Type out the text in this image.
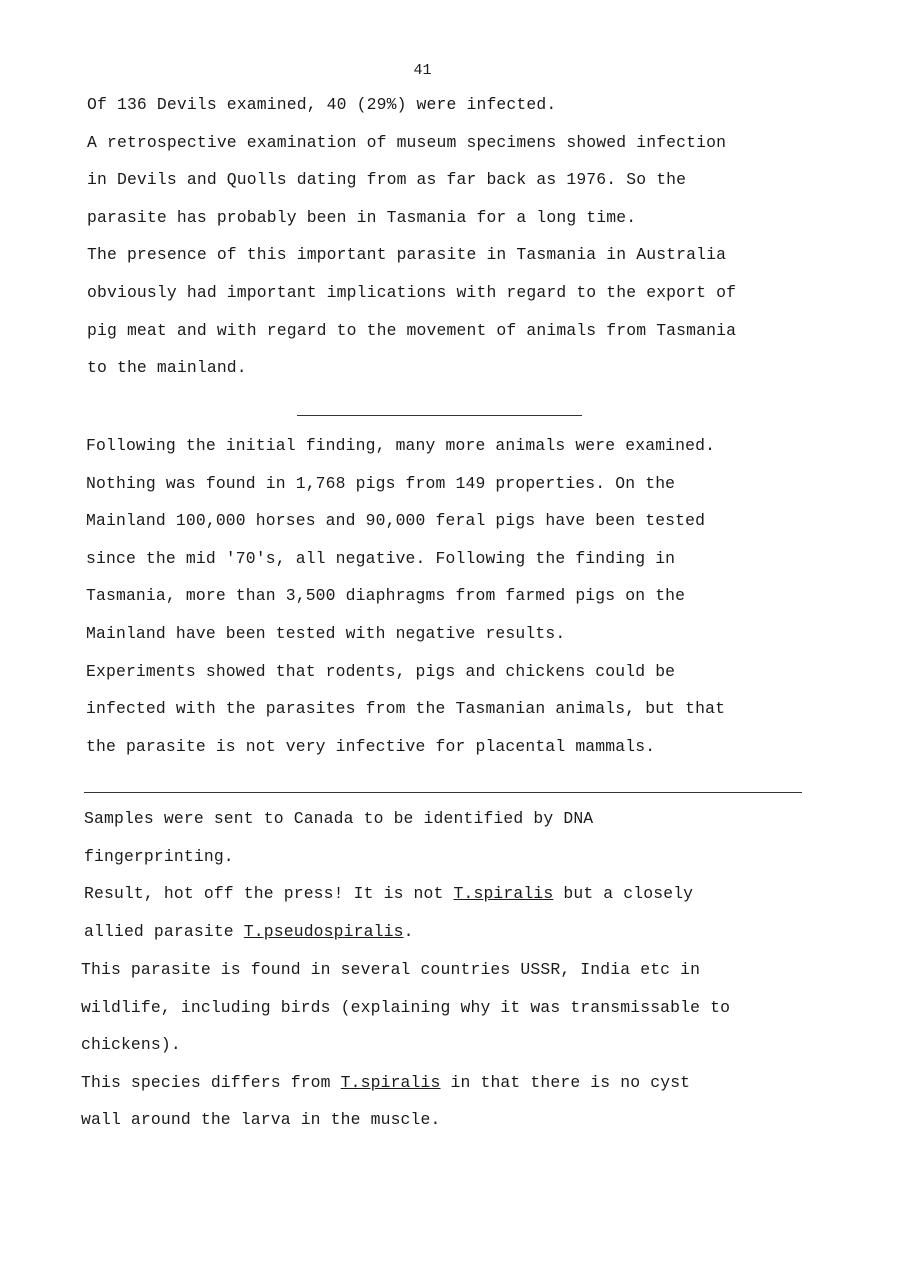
41
Of 136 Devils examined, 40 (29%) were infected.
A retrospective examination of museum specimens showed infection
in Devils and Quolls dating from as far back as 1976. So the
parasite has probably been in Tasmania for a long time.
The presence of this important parasite in Tasmania in Australia
obviously had important implications with regard to the export of
pig meat and with regard to the movement of animals from Tasmania
to the mainland.
Following the initial finding, many more animals were examined.
Nothing was found in 1,768 pigs from 149 properties. On the
Mainland 100,000 horses and 90,000 feral pigs have been tested
since the mid '70's, all negative. Following the finding in
Tasmania, more than 3,500 diaphragms from farmed pigs on the
Mainland have been tested with negative results.
Experiments showed that rodents, pigs and chickens could be
infected with the parasites from the Tasmanian animals, but that
the parasite is not very infective for placental mammals.
Samples were sent to Canada to be identified by DNA
fingerprinting.
Result, hot off the press! It is not T.spiralis but a closely
allied parasite T.pseudospiralis.
This parasite is found in several countries USSR, India etc in
wildlife, including birds (explaining why it was transmissable to
chickens).
This species differs from T.spiralis in that there is no cyst
wall around the larva in the muscle.
